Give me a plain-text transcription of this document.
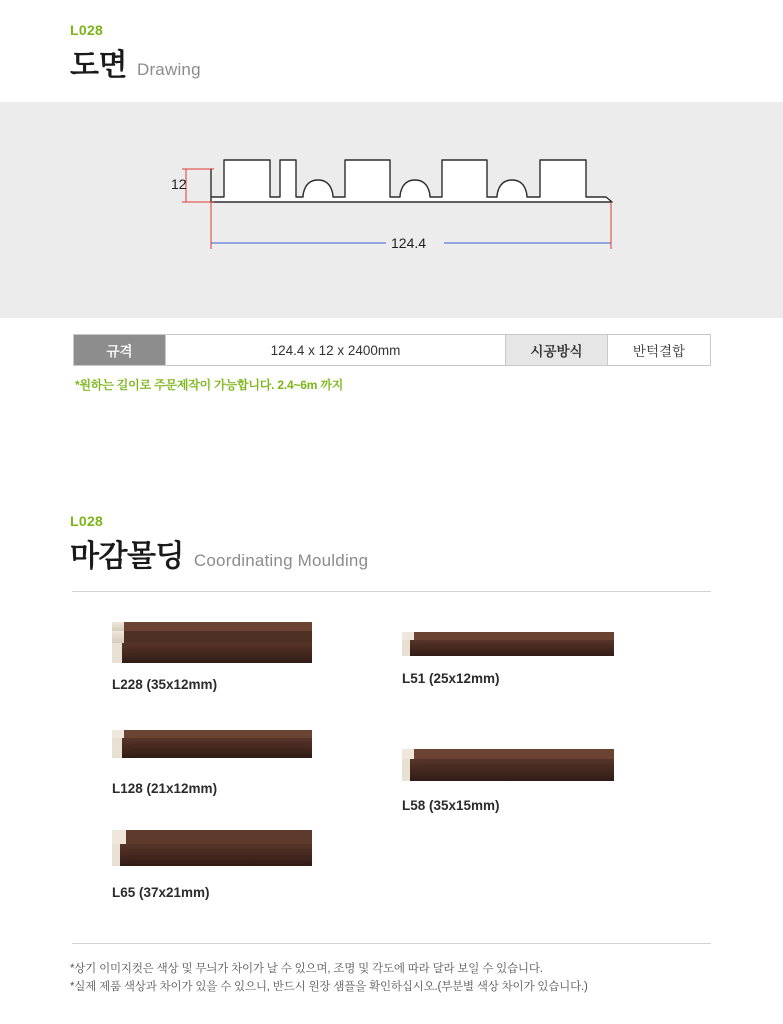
L028
도면 Drawing
12
124.4
규격	124.4 x 12 x 2400mm	시공방식	반턱결합
*원하는 길이로 주문제작이 가능합니다. 2.4~6m 까지
L028
마감몰딩 Coordinating Moulding
L228 (35x12mm)
L128 (21x12mm)
L65 (37x21mm)
L51 (25x12mm)
L58 (35x15mm)
*상기 이미지컷은 색상 및 무늬가 차이가 날 수 있으며, 조명 및 각도에 따라 달라 보일 수 있습니다.
*실제 제품 색상과 차이가 있을 수 있으니, 반드시 원장 샘플을 확인하십시오.(부분별 색상 차이가 있습니다.)
